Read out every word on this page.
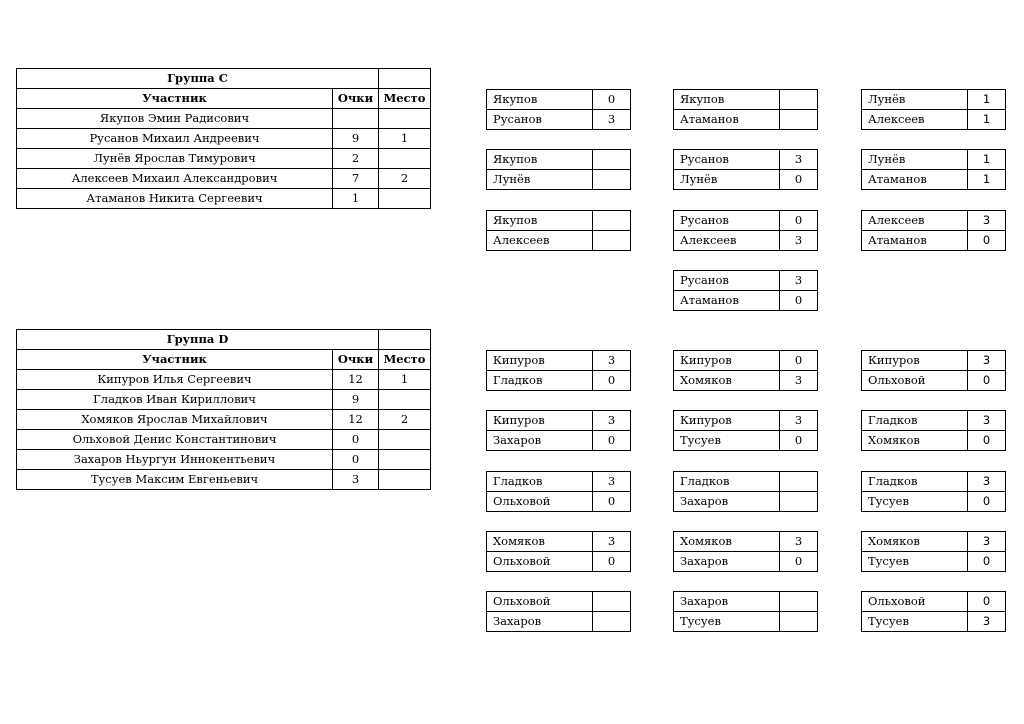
Группа С		
Участник	Очки	Место
Якупов Эмин Радисович		
Русанов Михаил Андреевич	9	1
Лунёв Ярослав Тимурович	2	
Алексеев Михаил Александрович	7	2
Атаманов Никита Сергеевич	1	
Группа D		
Участник	Очки	Место
Кипуров Илья Сергеевич	12	1
Гладков Иван Кириллович	9	
Хомяков Ярослав Михайлович	12	2
Ольховой Денис Константинович	0	
Захаров Ньургун Иннокентьевич	0	
Тусуев Максим Евгеньевич	3	
Якупов	0
Русанов	3
Якупов	
Лунёв	
Якупов	
Алексеев	
Якупов	
Атаманов	
Русанов	3
Лунёв	0
Русанов	0
Алексеев	3
Русанов	3
Атаманов	0
Лунёв	1
Алексеев	1
Лунёв	1
Атаманов	1
Алексеев	3
Атаманов	0
Кипуров	3
Гладков	0
Кипуров	3
Захаров	0
Гладков	3
Ольховой	0
Хомяков	3
Ольховой	0
Ольховой	
Захаров	
Кипуров	0
Хомяков	3
Кипуров	3
Тусуев	0
Гладков	
Захаров	
Хомяков	3
Захаров	0
Захаров	
Тусуев	
Кипуров	3
Ольховой	0
Гладков	3
Хомяков	0
Гладков	3
Тусуев	0
Хомяков	3
Тусуев	0
Ольховой	0
Тусуев	3
